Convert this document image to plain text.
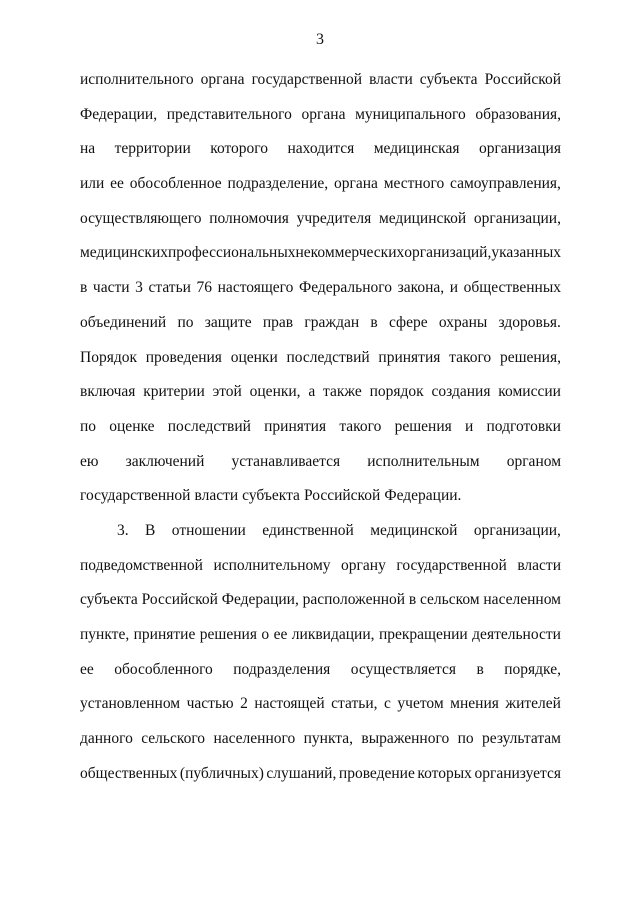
3
исполнительного органа государственной власти субъекта Российской
Федерации, представительного органа муниципального образования,
на территории которого находится медицинская организация
или ее обособленное подразделение, органа местного самоуправления,
осуществляющего полномочия учредителя медицинской организации,
медицинских профессиональных некоммерческих организаций, указанных
в части 3 статьи 76 настоящего Федерального закона, и общественных
объединений по защите прав граждан в сфере охраны здоровья.
Порядок проведения оценки последствий принятия такого решения,
включая критерии этой оценки, а также порядок создания комиссии
по оценке последствий принятия такого решения и подготовки
ею заключений устанавливается исполнительным органом
государственной власти субъекта Российской Федерации.
3. В отношении единственной медицинской организации,
подведомственной исполнительному органу государственной власти
субъекта Российской Федерации, расположенной в сельском населенном
пункте, принятие решения о ее ликвидации, прекращении деятельности
ее обособленного подразделения осуществляется в порядке,
установленном частью 2 настоящей статьи, с учетом мнения жителей
данного сельского населенного пункта, выраженного по результатам
общественных (публичных) слушаний, проведение которых организуется
